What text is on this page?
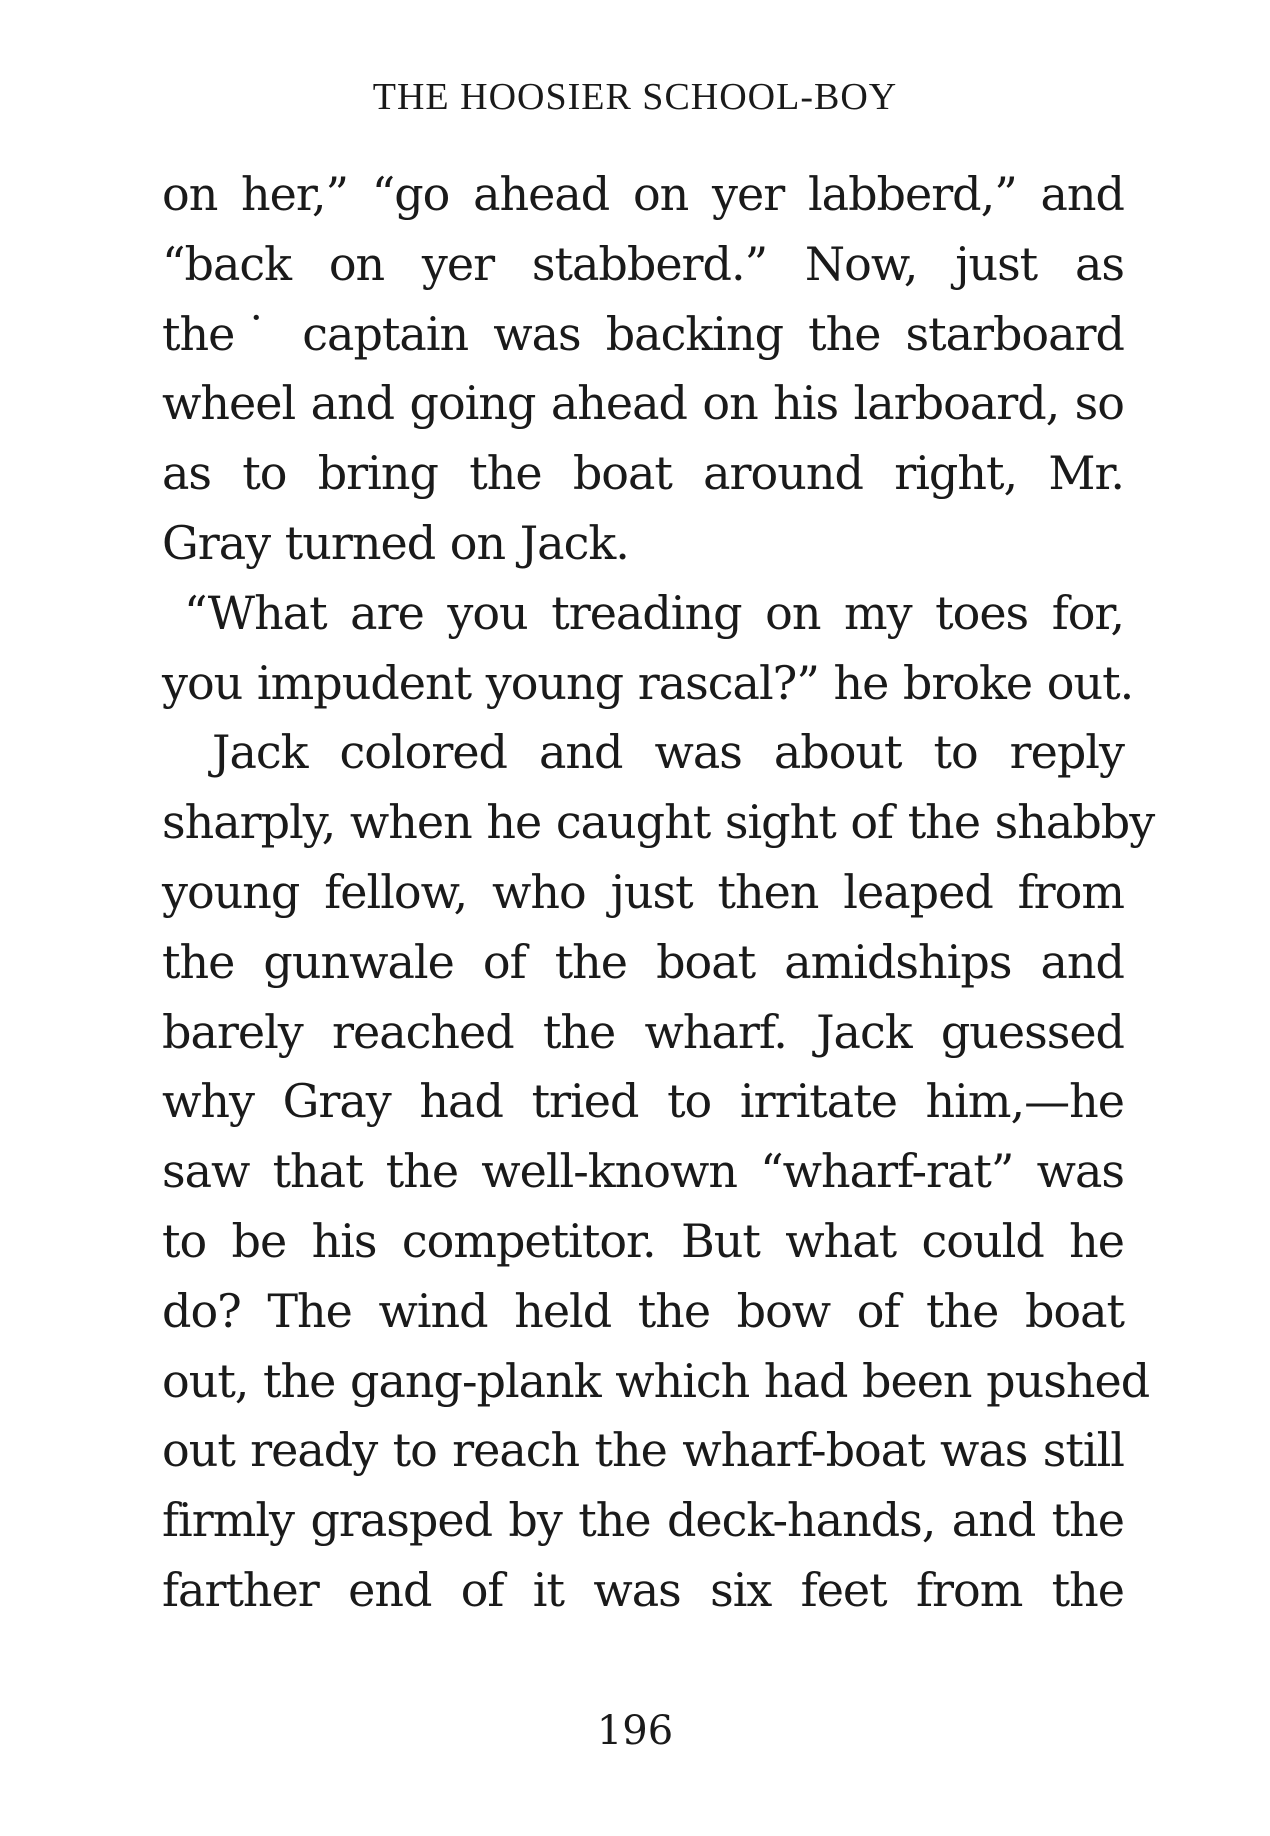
THE HOOSIER SCHOOL-BOY
on her,” “go ahead on yer labberd,” and
“back on yer stabberd.” Now, just as
the˙ captain was backing the starboard
wheel and going ahead on his larboard, so
as to bring the boat around right, Mr.
Gray turned on Jack.
“What are you treading on my toes for,
you impudent young rascal?” he broke out.
Jack colored and was about to reply
sharply, when he caught sight of the shabby
young fellow, who just then leaped from
the gunwale of the boat amidships and
barely reached the wharf. Jack guessed
why Gray had tried to irritate him,—he
saw that the well-known “wharf-rat” was
to be his competitor. But what could he
do? The wind held the bow of the boat
out, the gang-plank which had been pushed
out ready to reach the wharf-boat was still
firmly grasped by the deck-hands, and the
farther end of it was six feet from the
196
